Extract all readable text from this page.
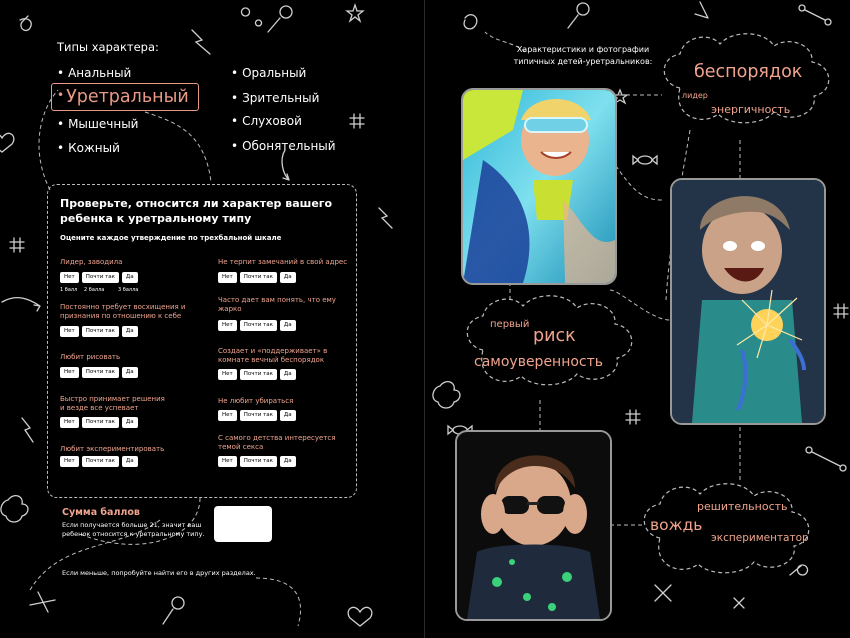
Типы характера:
• Анальный
• Уретральный
• Мышечный
• Кожный
• Оральный
• Зрительный
• Слуховой
• Обонятельный
Проверьте, относится ли характер вашего ребенка к уретральному типу
Оцените каждое утверждение по трехбальной шкале
Лидер, заводила
Нет	Почти так	Да
1 балл	2 балла	3 балла
Постоянно требует восхищения и признания по отношению к себе
Нет	Почти так	Да
Любит рисовать
Нет	Почти так	Да
Быстро принимает решения и везде все успевает
Нет	Почти так	Да
Любит экспериментировать
Нет	Почти так	Да
Не терпит замечаний в свой адрес
Нет	Почти так	Да
Часто дает вам понять, что ему жарко
Нет	Почти так	Да
Создает и «поддерживает» в комнате вечный беспорядок
Нет	Почти так	Да
Не любит убираться
Нет	Почти так	Да
С самого детства интересуется темой секса
Нет	Почти так	Да
Сумма баллов
Если получается больше 21, значит ваш ребенок относится к уретральному типу.
Если меньше, попробуйте найти его в других разделах.
Характеристики и фотографии типичных детей-уретральников:
беспорядок
лидер
энергичность
первый
риск
самоуверенность
решительность
вождь
экспериментатор
